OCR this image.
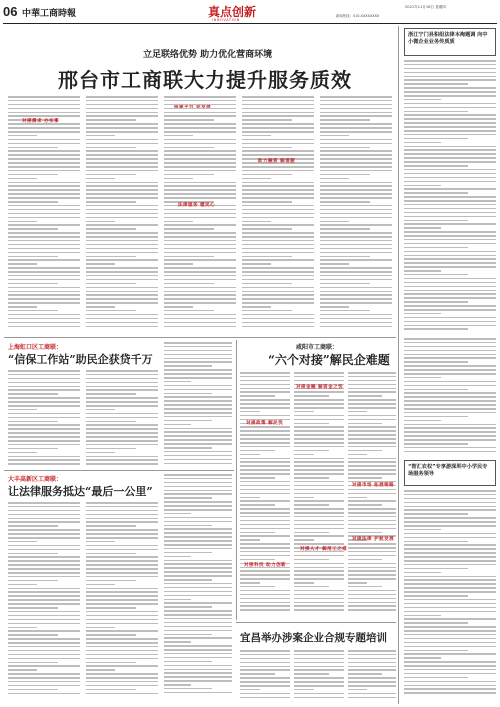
06 中華工商時報	真点创新
INNOVATION
2021年11月18日 星期四
新闻热线：010-XXXXXXXX
立足联络优势 助力优化营商环境
邢台市工商联大力提升服务质效
对接需求 办实事
法律服务 暖民心
助力融资 解难题
浙江宁门县积组法律本淘题调 向中小微企业业务传质质
“智汇农权”专享游深圳中小学民专场服务领导
上海虹口区工商联：
“信保工作站”助民企获贷千万
大丰高新区工商联：
让法律服务抵达“最后一公里”
咸阳市工商联：
“六个对接”解民企难题
对接政策 解民忧
对接金融 解资金之忧
对接人才 解用工之难
对接市场 拓展销路
对接法律 护航发展
对接科技 助力创新
宜昌举办涉案企业合规专题培训
